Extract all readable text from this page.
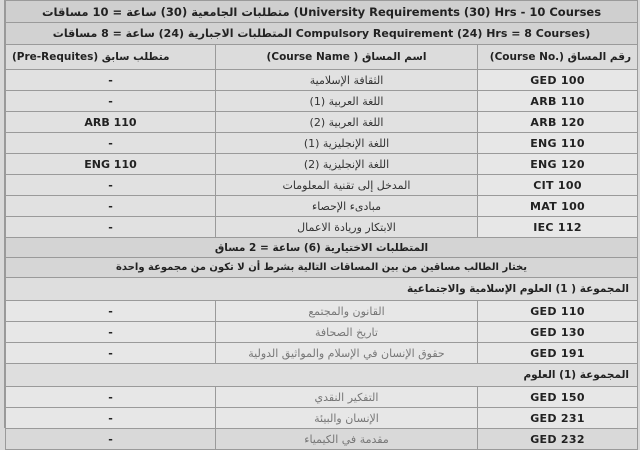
متطلبات الجامعية (30) ساعة = 10 مساقات (University Requirements (30) Hrs - 10 Courses		
المتطلبات الاجبارية (24) ساعة = 8 مساقات Compulsory Requirement (24) Hrs = 8 Courses)		
(Pre-Requites) متطلب سابق	اسم المساق ( Course Name)	رقم المساق (.Course No)
-	الثقافة الإسلامية	GED 100
-	اللغة العربية (1)	ARB 110
ARB 110	اللغة العربية (2)	ARB 120
-	اللغة الإنجليزية (1)	ENG 110
ENG 110	اللغة الإنجليزية (2)	ENG 120
-	المدخل إلى تقنية المعلومات	CIT 100
-	مبادىء الإحصاء	MAT 100
-	الابتكار وريادة الاعمال	IEC 112
المتطلبات الاختيارية (6) ساعة = 2 مساق		
يختار الطالب مساقين من بين المساقات التالية بشرط أن لا تكون من مجموعة واحدة		
المجموعة ( 1) العلوم الإسلامية والاجتماعية		
-	القانون والمجتمع	GED 110
-	تاريخ الصحافة	GED 130
-	حقوق الإنسان في الإسلام والمواثيق الدولية	GED 191
المجموعة (1) العلوم		
-	التفكير النقدي	GED 150
-	الإنسان والبيئة	GED 231
-	مقدمة في الكيمياء	GED 232
